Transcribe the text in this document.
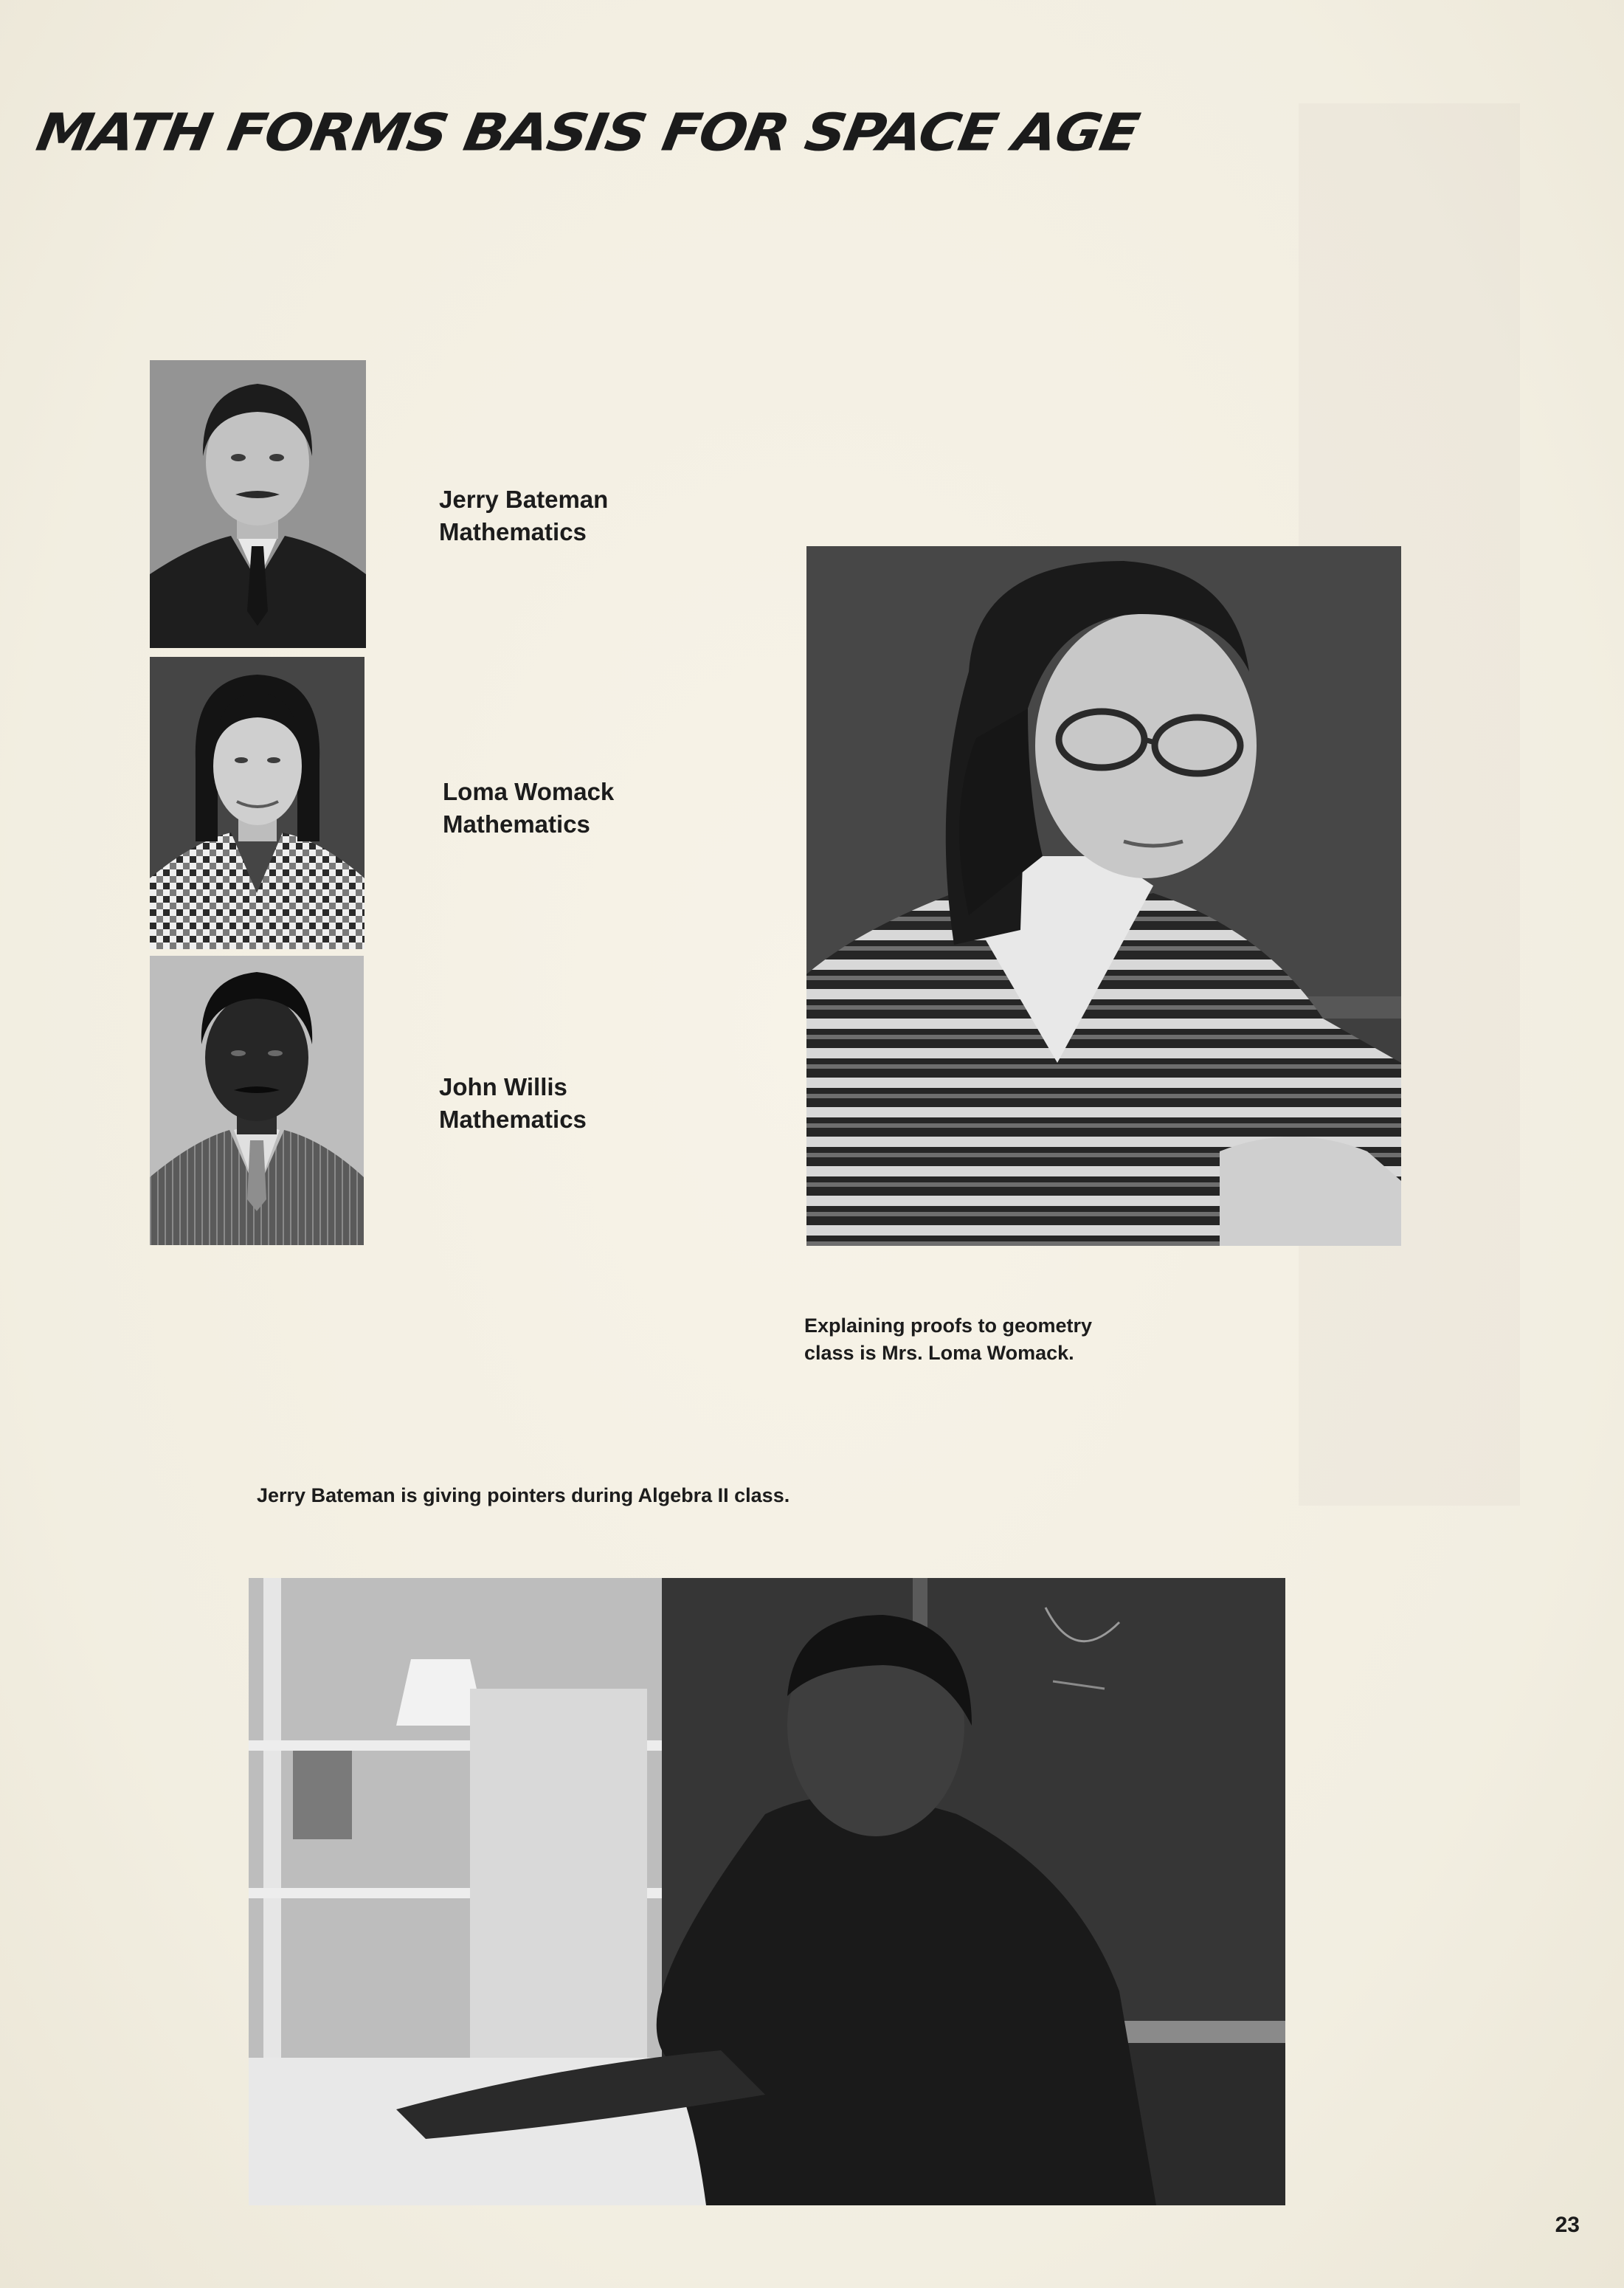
MATH FORMS BASIS FOR SPACE AGE
Jerry Bateman
Mathematics
Loma Womack
Mathematics
John Willis
Mathematics
Explaining proofs to geometry
class is Mrs. Loma Womack.
Jerry Bateman is giving pointers during Algebra II class.
23
